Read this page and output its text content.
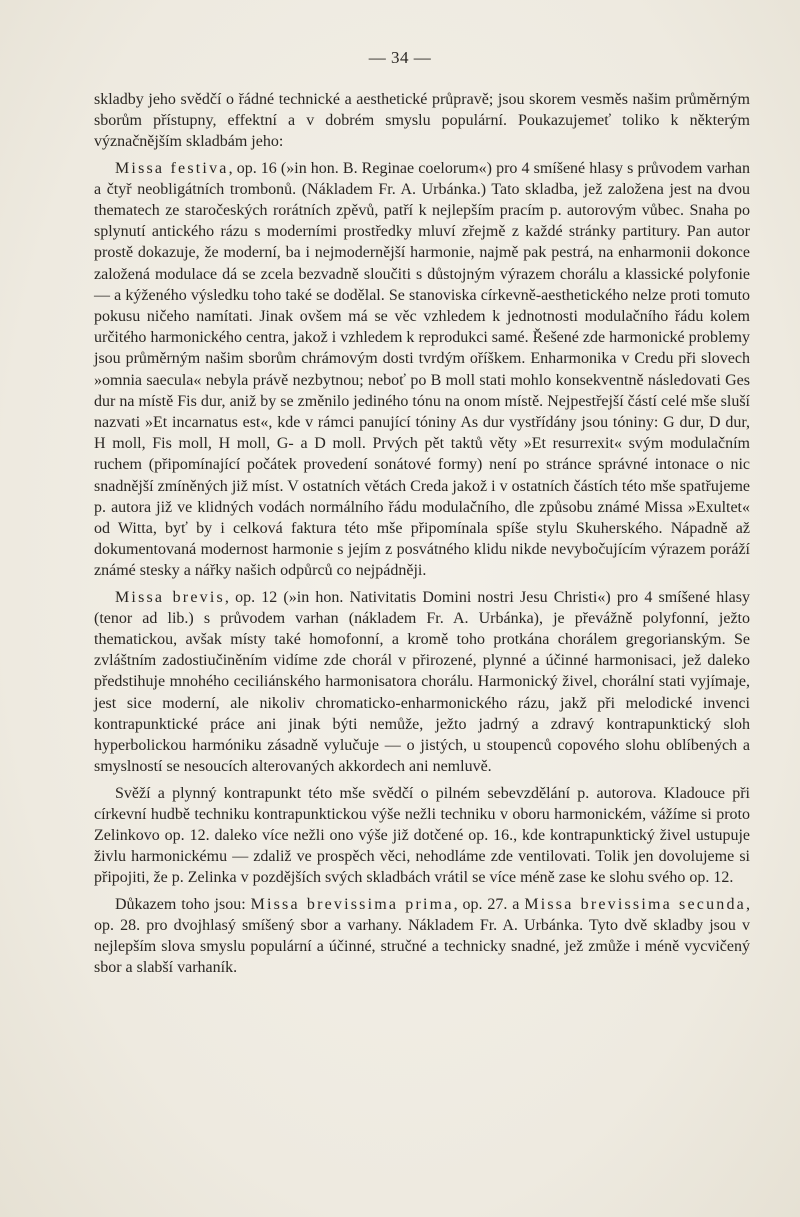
— 34 —

skladby jeho svědčí o řádné technické a aesthetické průpravě; jsou skorem vesměs našim průměrným sborům přístupny, effektní a v dobrém smyslu populární. Poukazujemeť toliko k některým význačnějším skladbám jeho:

Missa festiva, op. 16 (»in hon. B. Reginae coelorum«) pro 4 smíšené hlasy s průvodem varhan a čtyř neobligátních trombonů. (Nákladem Fr. A. Urbánka.) Tato skladba, jež založena jest na dvou thematech ze staročeských rorátních zpěvů, patří k nejlepším pracím p. autorovým vůbec. Snaha po splynutí antického rázu s moderními prostředky mluví zřejmě z každé stránky partitury. Pan autor prostě dokazuje, že moderní, ba i nejmodernější harmonie, najmě pak pestrá, na enharmonii dokonce založená modulace dá se zcela bezvadně sloučiti s důstojným výrazem chorálu a klassické polyfonie — a kýženého výsledku toho také se dodělal. Se stanoviska církevně-aesthetického nelze proti tomuto pokusu ničeho namítati. Jinak ovšem má se věc vzhledem k jednotnosti modulačního řádu kolem určitého harmonického centra, jakož i vzhledem k reprodukci samé. Řešené zde harmonické problemy jsou průměrným našim sborům chrámovým dosti tvrdým oříškem. Enharmonika v Credu při slovech »omnia saecula« nebyla právě nezbytnou; neboť po B moll stati mohlo konsekventně následovati Ges dur na místě Fis dur, aniž by se změnilo jediného tónu na onom místě. Nejpestřejší částí celé mše sluší nazvati »Et incarnatus est«, kde v rámci panující tóniny As dur vystřídány jsou tóniny: G dur, D dur, H moll, Fis moll, H moll, G- a D moll. Prvých pět taktů věty »Et resurrexit« svým modulačním ruchem (připomínající počátek provedení sonátové formy) není po stránce správné intonace o nic snadnější zmíněných již míst. V ostatních větách Creda jakož i v ostatních částích této mše spatřujeme p. autora již ve klidných vodách normálního řádu modulačního, dle způsobu známé Missa »Exultet« od Witta, byť by i celková faktura této mše připomínala spíše stylu Skuherského. Nápadně až dokumentovaná modernost harmonie s jejím z posvátného klidu nikde nevybočujícím výrazem poráží známé stesky a nářky našich odpůrců co nejpádněji.

Missa brevis, op. 12 (»in hon. Nativitatis Domini nostri Jesu Christi«) pro 4 smíšené hlasy (tenor ad lib.) s průvodem varhan (nákladem Fr. A. Urbánka), je převážně polyfonní, ježto thematickou, avšak místy také homofonní, a kromě toho protkána chorálem gregorianským. Se zvláštním zadostiučiněním vidíme zde chorál v přirozené, plynné a účinné harmonisaci, jež daleko předstihuje mnohého ceciliánského harmonisatora chorálu. Harmonický živel, chorální stati vyjímaje, jest sice moderní, ale nikoliv chromaticko-enharmonického rázu, jakž při melodické invenci kontrapunktické práce ani jinak býti nemůže, ježto jadrný a zdravý kontrapunktický sloh hyperbolickou harmóniku zásadně vylučuje — o jistých, u stoupenců copového slohu oblíbených a smyslností se nesoucích alterovaných akkordech ani nemluvě.

Svěží a plynný kontrapunkt této mše svědčí o pilném sebevzdělání p. autorova. Kladouce při církevní hudbě techniku kontrapunktickou výše nežli techniku v oboru harmonickém, vážíme si proto Zelinkovo op. 12. daleko více nežli ono výše již dotčené op. 16., kde kontrapunktický živel ustupuje živlu harmonickému — zdaliž ve prospěch věci, nehodláme zde ventilovati. Tolik jen dovolujeme si připojiti, že p. Zelinka v pozdějších svých skladbách vrátil se více méně zase ke slohu svého op. 12.

Důkazem toho jsou: Missa brevissima prima, op. 27. a Missa brevissima secunda, op. 28. pro dvojhlasý smíšený sbor a varhany. Nákladem Fr. A. Urbánka. Tyto dvě skladby jsou v nejlepším slova smyslu populární a účinné, stručné a technicky snadné, jež zmůže i méně vycvičený sbor a slabší varhaník.
